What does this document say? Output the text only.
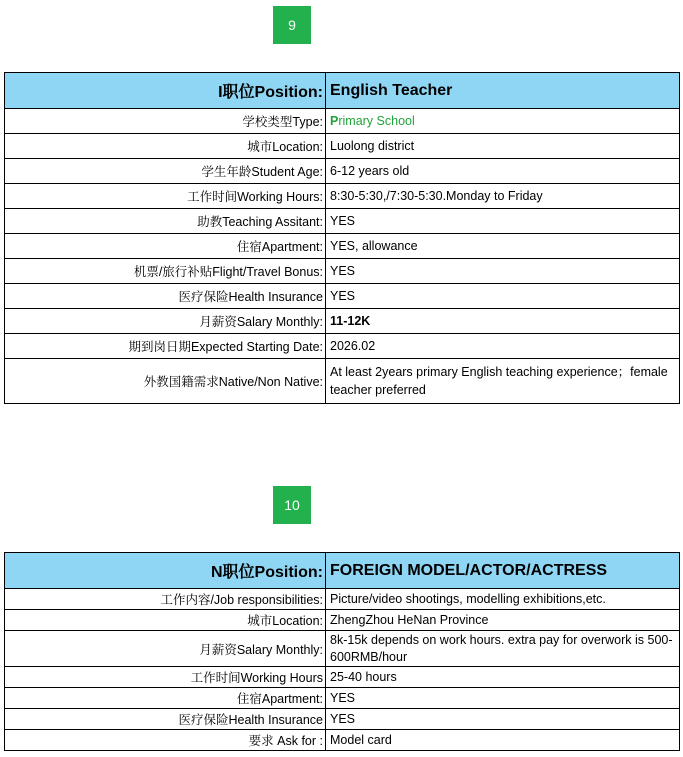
9
I职位Position:	English Teacher
学校类型Type:	Primary School
城市Location:	Luolong district
学生年龄Student Age:	6-12 years old
工作时间Working Hours:	8:30-5:30,/7:30-5:30.Monday to Friday
助教Teaching Assitant:	YES
住宿Apartment:	YES, allowance
机票/旅行补贴Flight/Travel Bonus:	YES
医疗保险Health Insurance	YES
月薪资Salary Monthly:	11-12K
期到岗日期Expected Starting Date:	2026.02
外教国籍需求Native/Non Native:	At least 2years primary English teaching experience；female teacher preferred
10
N职位Position:	FOREIGN MODEL/ACTOR/ACTRESS
工作内容/Job responsibilities:	Picture/video shootings, modelling exhibitions,etc.
城市Location:	ZhengZhou HeNan Province
月薪资Salary Monthly:	8k-15k depends on work hours. extra pay for overwork is 500-600RMB/hour
工作时间Working Hours	25-40 hours
住宿Apartment:	YES
医疗保险Health Insurance	YES
要求 Ask for :	Model card
